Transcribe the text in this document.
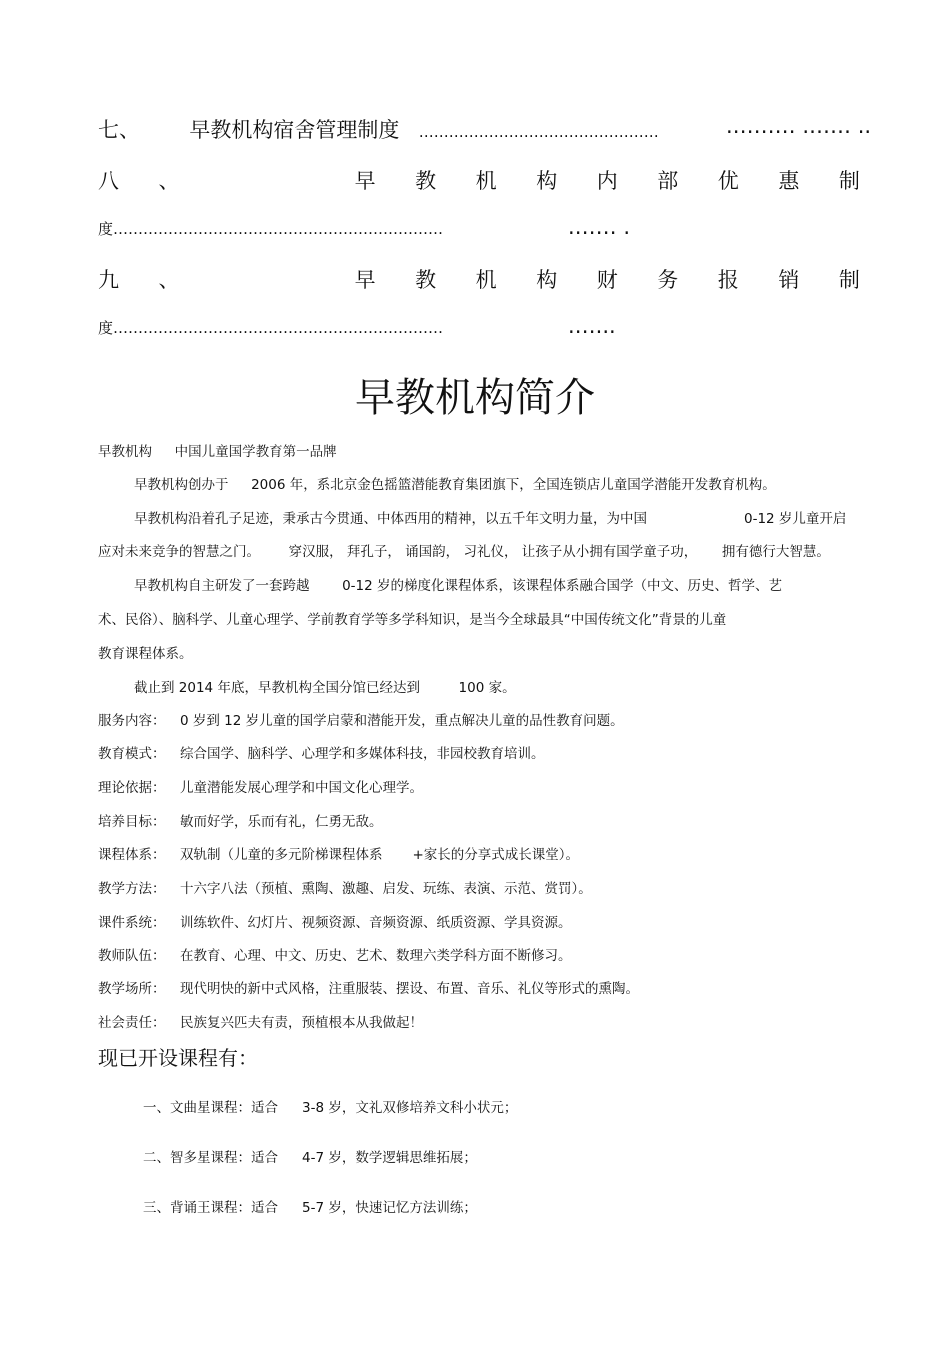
七、 早教机构宿舍管理制度 …………………………………………	.……… .…… ..
八 、	早 教 机 构 内 部 优 惠 制
度…………………………………………………………	.…… .
九 、	早 教 机 构 财 务 报 销 制
度…………………………………………………………	.…...
早教机构简介
早教机构 中国儿童国学教育第一品牌
早教机构创办于 2006 年，系北京金色摇篮潜能教育集团旗下，全国连锁店儿童国学潜能开发教育机构。
早教机构沿着孔子足迹，秉承古今贯通、中体西用的精神，以五千年文明力量，为中国	0-12 岁儿童开启
应对未来竞争的智慧之门。 穿汉服， 拜孔子， 诵国韵， 习礼仪， 让孩子从小拥有国学童子功， 拥有德行大智慧。
早教机构自主研发了一套跨越 0-12 岁的梯度化课程体系，该课程体系融合国学（中文、历史、哲学、艺
术、民俗）、脑科学、儿童心理学、学前教育学等多学科知识，是当今全球最具“中国传统文化”背景的儿童
教育课程体系。
截止到 2014 年底，早教机构全国分馆已经达到	100 家。
服务内容： 0 岁到 12 岁儿童的国学启蒙和潜能开发，重点解决儿童的品性教育问题。
教育模式： 综合国学、脑科学、心理学和多媒体科技，非园校教育培训。
理论依据： 儿童潜能发展心理学和中国文化心理学。
培养目标： 敏而好学，乐而有礼，仁勇无敌。
课程体系： 双轨制（儿童的多元阶梯课程体系 +家长的分享式成长课堂）。
教学方法： 十六字八法（预植、熏陶、激趣、启发、玩练、表演、示范、赏罚）。
课件系统： 训练软件、幻灯片、视频资源、音频资源、纸质资源、学具资源。
教师队伍： 在教育、心理、中文、历史、艺术、数理六类学科方面不断修习。
教学场所： 现代明快的新中式风格，注重服装、摆设、布置、音乐、礼仪等形式的熏陶。
社会责任： 民族复兴匹夫有责，预植根本从我做起！
现已开设课程有：
一、文曲星课程：适合 3-8 岁，文礼双修培养文科小状元；
二、智多星课程：适合 4-7 岁，数学逻辑思维拓展；
三、背诵王课程：适合 5-7 岁，快速记忆方法训练；
